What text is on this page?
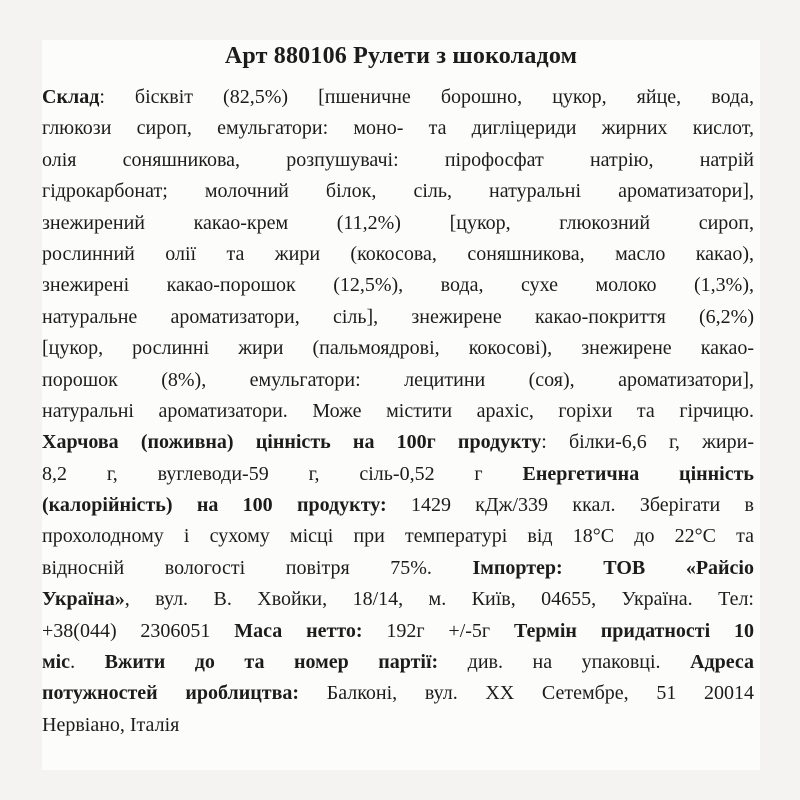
Арт 880106 Рулети з шоколадом
Склад: бісквіт (82,5%) [пшеничне борошно, цукор, яйце, вода,
глюкози сироп, емульгатори: моно- та дигліцериди жирних кислот,
олія соняшникова, розпушувачі: пірофосфат натрію, натрій
гідрокарбонат; молочний білок, сіль, натуральні ароматизатори],
знежирений какао-крем (11,2%) [цукор, глюкозний сироп,
рослинний олії та жири (кокосова, соняшникова, масло какао),
знежирені какао-порошок (12,5%), вода, сухе молоко (1,3%),
натуральне ароматизатори, сіль], знежирене какао-покриття (6,2%)
[цукор, рослинні жири (пальмоядрові, кокосові), знежирене какао-
порошок (8%), емульгатори: лецитини (соя), ароматизатори],
натуральні ароматизатори. Може містити арахіс, горіхи та гірчицю.
Харчова (поживна) цінність на 100г продукту: білки-6,6 г, жири-
8,2 г, вуглеводи-59 г, сіль-0,52 г Енергетична цінність
(калорійність) на 100 продукту: 1429 кДж/339 ккал. Зберігати в
прохолодному і сухому місці при температурі від 18°С до 22°С та
відносній вологості повітря 75%. Імпортер: ТОВ «Райсіо
Україна», вул. В. Хвойки, 18/14, м. Київ, 04655, Україна. Тел:
+38(044) 2306051 Маса нетто: 192г +/-5г Термін придатності 10
міс. Вжити до та номер партії: див. на упаковці. Адреса
потужностей ироблицтва: Балконі, вул. ХХ Сетембре, 51 20014
Нервіано, Італія
